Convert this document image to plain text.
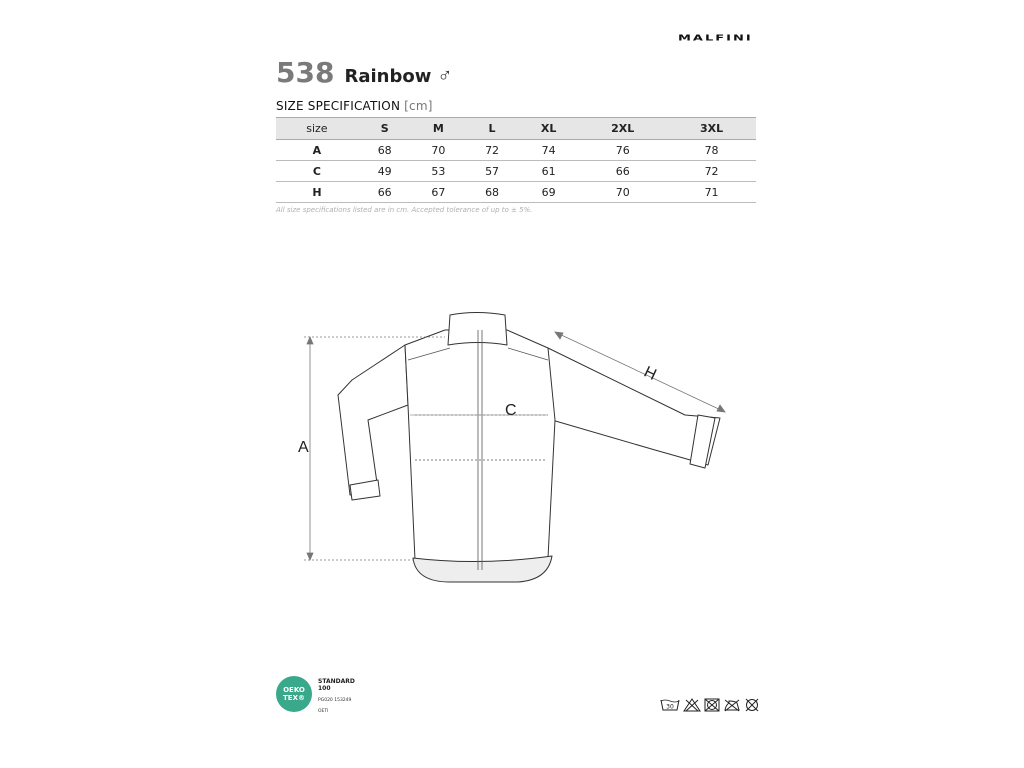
MALFINI
538 Rainbow ♂
SIZE SPECIFICATION [cm]
size	S	M	L	XL	2XL	3XL
A	68	70	72	74	76	78
C	49	53	57	61	66	72
H	66	67	68	69	70	71
All size specifications listed are in cm. Accepted tolerance of up to ± 5%.
A
C
H
OEKO
TEX®
STANDARD
100
PG020 153249
OETI
30
